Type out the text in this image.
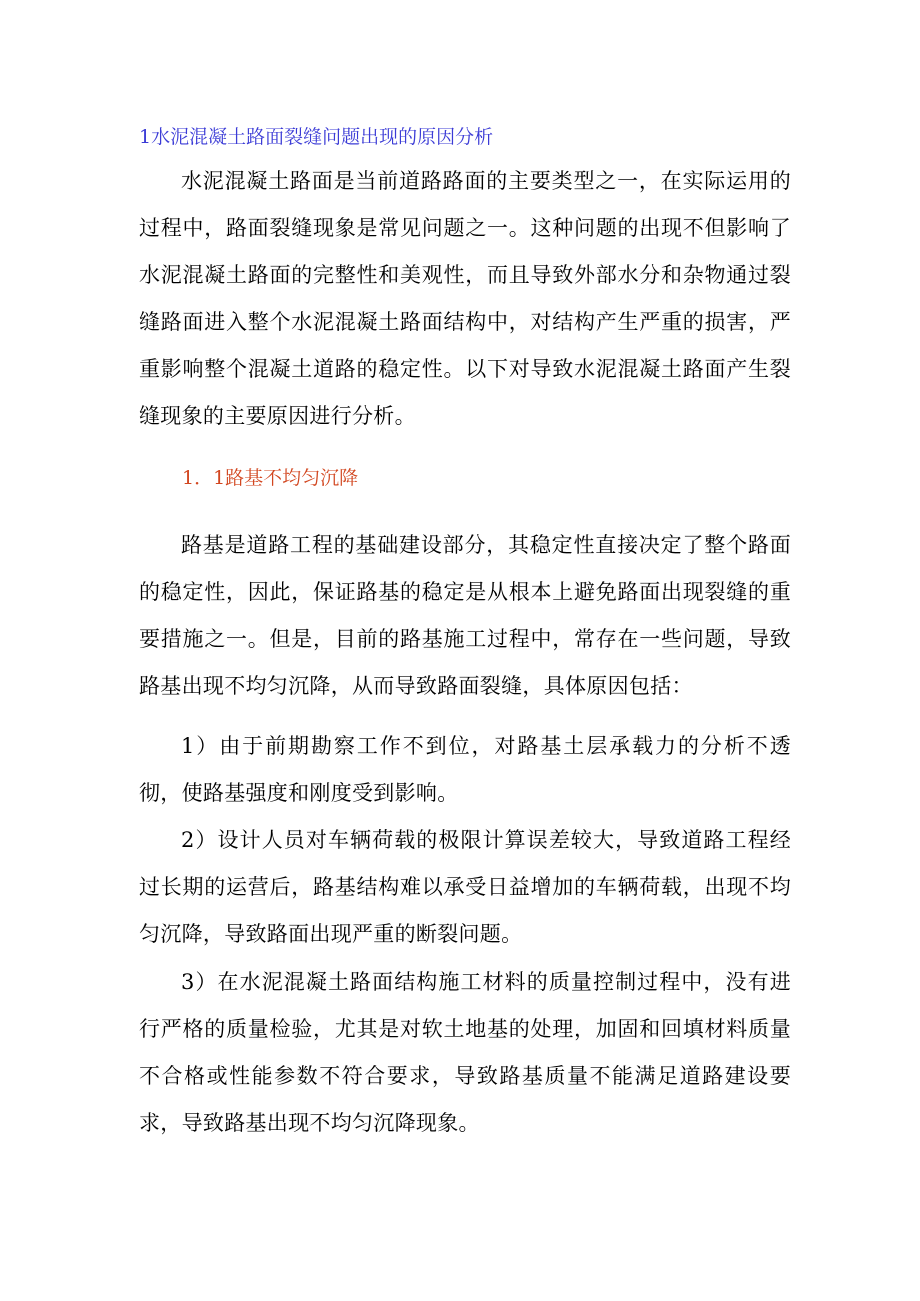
1水泥混凝土路面裂缝问题出现的原因分析

水泥混凝土路面是当前道路路面的主要类型之一，在实际运用的过程中，路面裂缝现象是常见问题之一。这种问题的出现不但影响了水泥混凝土路面的完整性和美观性，而且导致外部水分和杂物通过裂缝路面进入整个水泥混凝土路面结构中，对结构产生严重的损害，严重影响整个混凝土道路的稳定性。以下对导致水泥混凝土路面产生裂缝现象的主要原因进行分析。

1．1路基不均匀沉降

路基是道路工程的基础建设部分，其稳定性直接决定了整个路面的稳定性，因此，保证路基的稳定是从根本上避免路面出现裂缝的重要措施之一。但是，目前的路基施工过程中，常存在一些问题，导致路基出现不均匀沉降，从而导致路面裂缝，具体原因包括：

1）由于前期勘察工作不到位，对路基土层承载力的分析不透彻，使路基强度和刚度受到影响。

2）设计人员对车辆荷载的极限计算误差较大，导致道路工程经过长期的运营后，路基结构难以承受日益增加的车辆荷载，出现不均匀沉降，导致路面出现严重的断裂问题。

3）在水泥混凝土路面结构施工材料的质量控制过程中，没有进行严格的质量检验，尤其是对软土地基的处理，加固和回填材料质量不合格或性能参数不符合要求，导致路基质量不能满足道路建设要求，导致路基出现不均匀沉降现象。
